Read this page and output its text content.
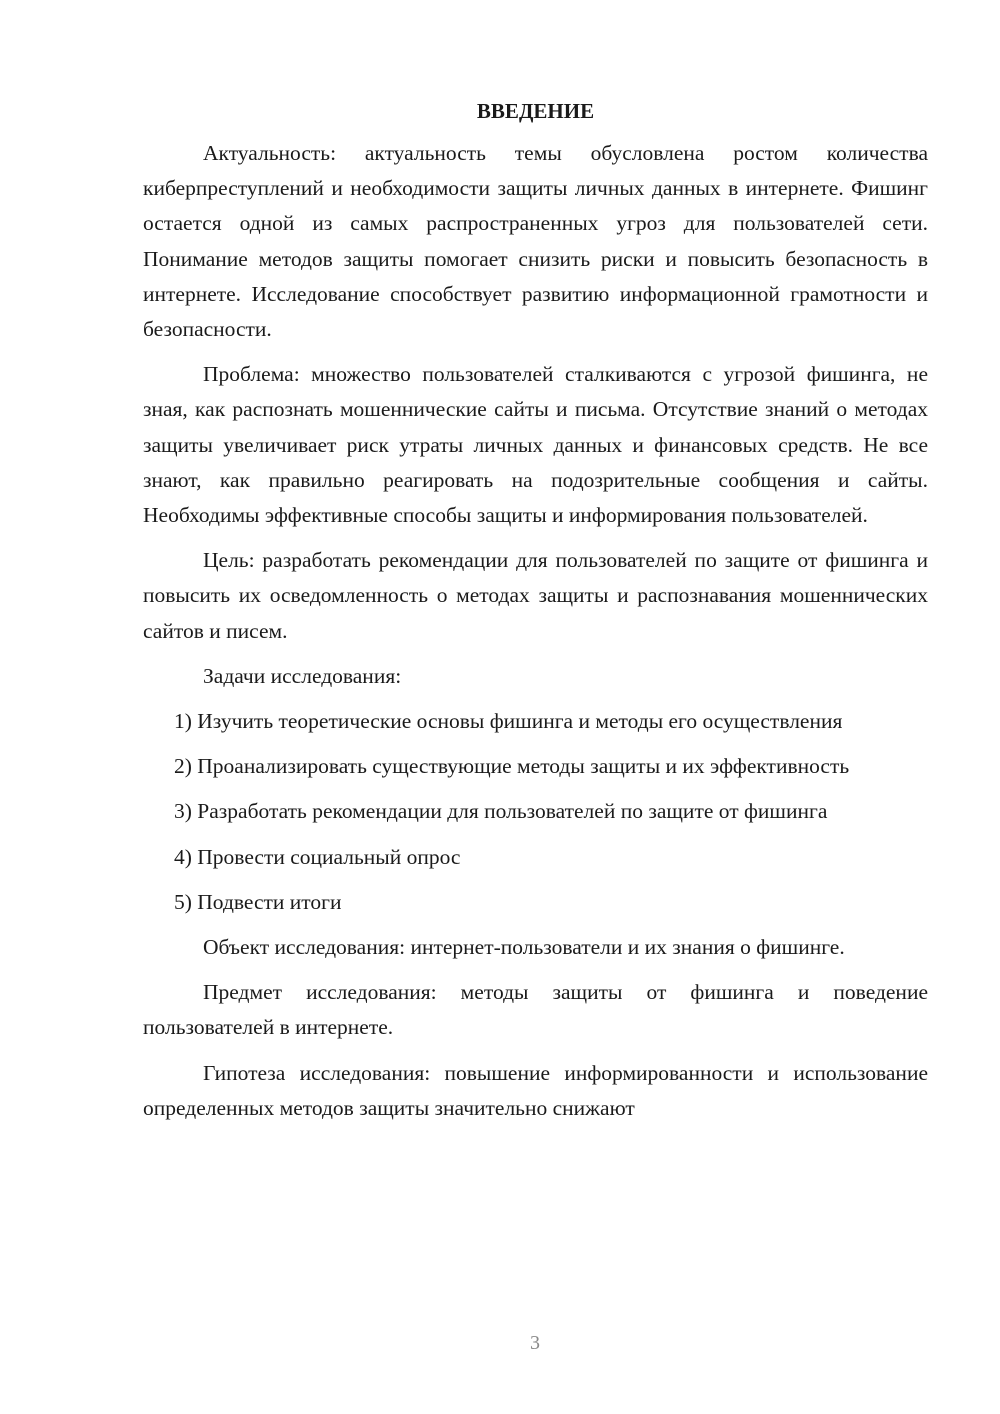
ВВЕДЕНИЕ

Актуальность: актуальность темы обусловлена ростом количества киберпреступлений и необходимости защиты личных данных в интернете. Фишинг остается одной из самых распространенных угроз для пользователей сети. Понимание методов защиты помогает снизить риски и повысить безопасность в интернете. Исследование способствует развитию информационной грамотности и безопасности.

Проблема: множество пользователей сталкиваются с угрозой фишинга, не зная, как распознать мошеннические сайты и письма. Отсутствие знаний о методах защиты увеличивает риск утраты личных данных и финансовых средств. Не все знают, как правильно реагировать на подозрительные сообщения и сайты. Необходимы эффективные способы защиты и информирования пользователей.

Цель: разработать рекомендации для пользователей по защите от фишинга и повысить их осведомленность о методах защиты и распознавания мошеннических сайтов и писем.

Задачи исследования:

1) Изучить теоретические основы фишинга и методы его осуществления

2) Проанализировать существующие методы защиты и их эффективность

3) Разработать рекомендации для пользователей по защите от фишинга

4) Провести социальный опрос

5) Подвести итоги

Объект исследования: интернет-пользователи и их знания о фишинге.

Предмет исследования: методы защиты от фишинга и поведение пользователей в интернете.

Гипотеза исследования: повышение информированности и использование определенных методов защиты значительно снижают

3
